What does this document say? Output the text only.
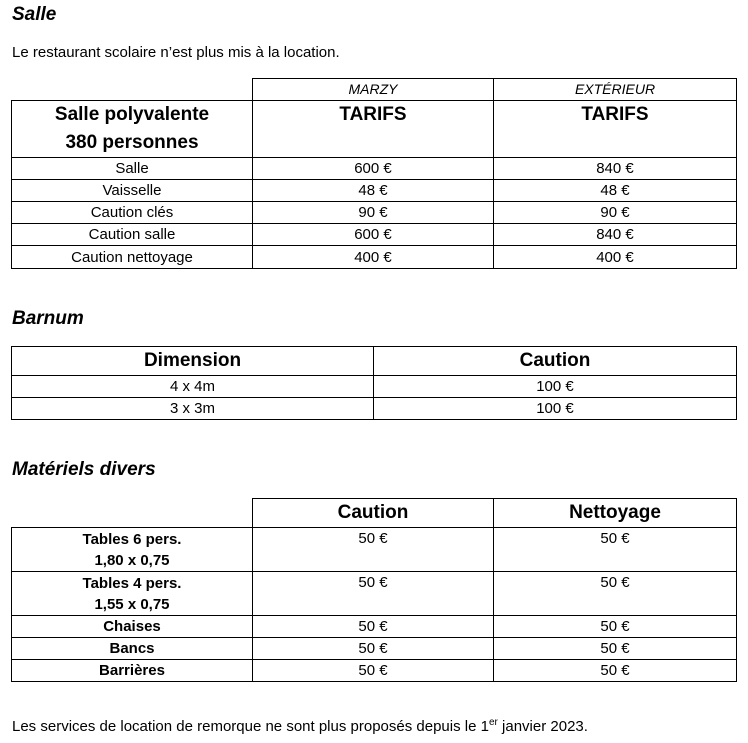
Salle

Le restaurant scolaire n’est plus mis à la location.

	MARZY	EXTÉRIEUR

Salle polyvalente
380 personnes	TARIFS	TARIFS
Salle	600 €	840 €
Vaisselle	48 €	48 €
Caution clés	90 €	90 €
Caution salle	600 €	840 €
Caution nettoyage	400 €	400 €
Barnum
Dimension	Caution
4 x 4m	100 €
3 x 3m	100 €
Matériels divers
	Caution	Nettoyage

Tables 6 pers.
1,80 x 0,75	50 €	50 €

Tables 4 pers.
1,55 x 0,75	50 €	50 €
Chaises	50 €	50 €
Bancs	50 €	50 €
Barrières	50 €	50 €

Les services de location de remorque ne sont plus proposés depuis le 1er janvier 2023.
